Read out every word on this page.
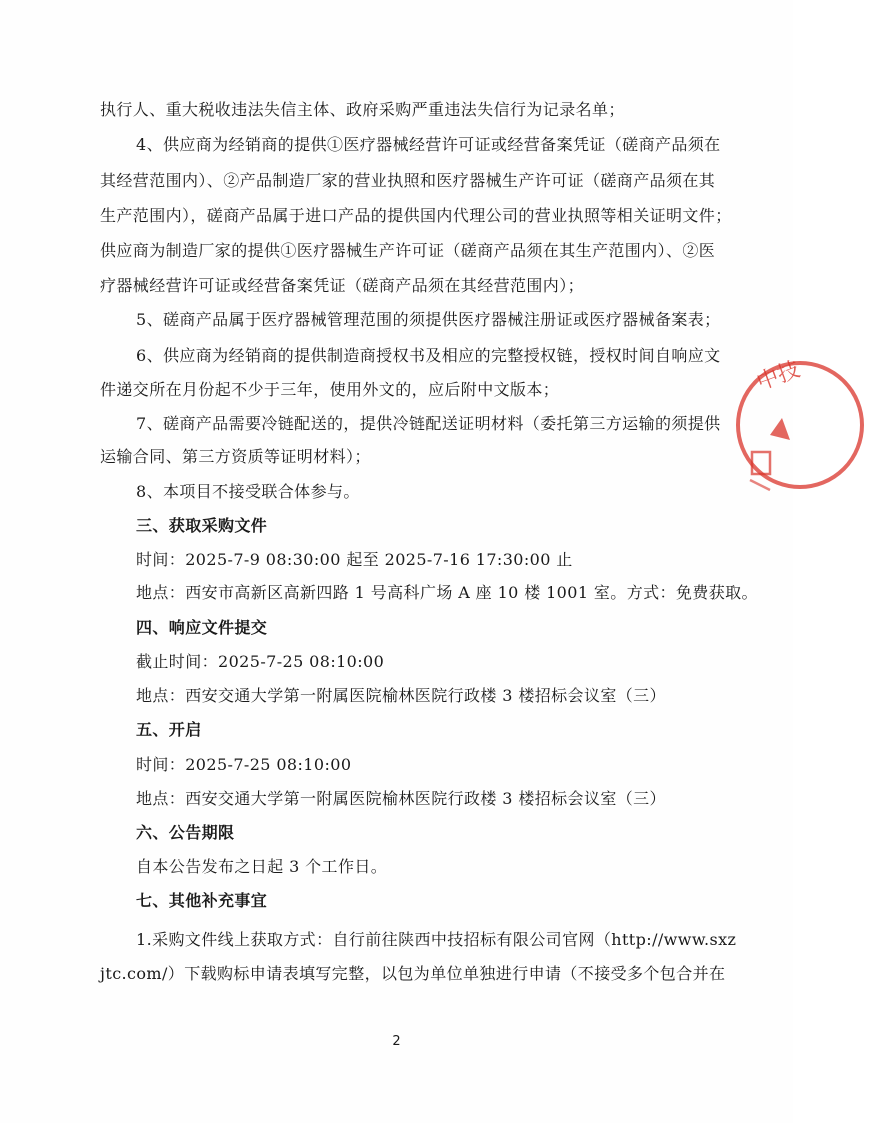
执行人、重大税收违法失信主体、政府采购严重违法失信行为记录名单；
4、供应商为经销商的提供①医疗器械经营许可证或经营备案凭证（磋商产品须在
其经营范围内）、②产品制造厂家的营业执照和医疗器械生产许可证（磋商产品须在其
生产范围内），磋商产品属于进口产品的提供国内代理公司的营业执照等相关证明文件；
供应商为制造厂家的提供①医疗器械生产许可证（磋商产品须在其生产范围内）、②医
疗器械经营许可证或经营备案凭证（磋商产品须在其经营范围内）；
5、磋商产品属于医疗器械管理范围的须提供医疗器械注册证或医疗器械备案表；
6、供应商为经销商的提供制造商授权书及相应的完整授权链，授权时间自响应文
件递交所在月份起不少于三年，使用外文的，应后附中文版本；
7、磋商产品需要冷链配送的，提供冷链配送证明材料（委托第三方运输的须提供
运输合同、第三方资质等证明材料）；
8、本项目不接受联合体参与。
三、获取采购文件
时间：2025-7-9 08:30:00 起至 2025-7-16 17:30:00 止
地点：西安市高新区高新四路 1 号高科广场 A 座 10 楼 1001 室。方式：免费获取。
四、响应文件提交
截止时间：2025-7-25 08:10:00
地点：西安交通大学第一附属医院榆林医院行政楼 3 楼招标会议室（三）
五、开启
时间：2025-7-25 08:10:00
地点：西安交通大学第一附属医院榆林医院行政楼 3 楼招标会议室（三）
六、公告期限
自本公告发布之日起 3 个工作日。
七、其他补充事宜
1.采购文件线上获取方式：自行前往陕西中技招标有限公司官网（http://www.sxz
jtc.com/）下载购标申请表填写完整，以包为单位单独进行申请（不接受多个包合并在
2
中技
